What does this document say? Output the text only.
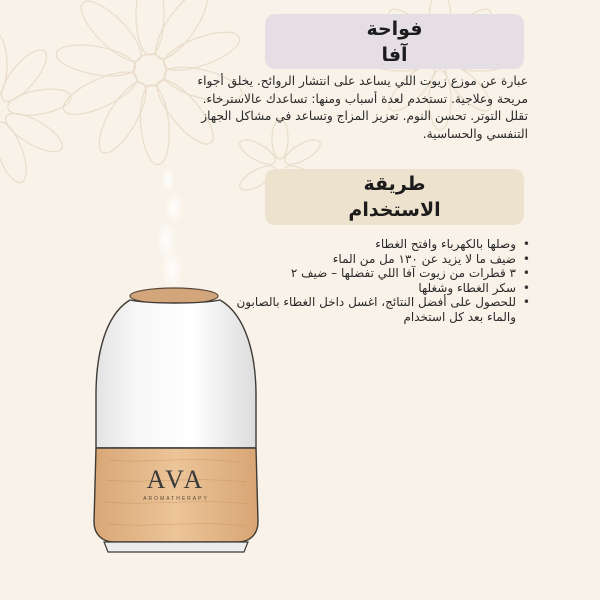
فواحة
آفا
عبارة عن موزع زيوت اللي يساعد على انتشار الروائح. يخلق أجواء مريحة وعلاجية. تستخدم لعدة أسباب ومنها: تساعدك عالاسترخاء. تقلل التوتر. تحسن النوم. تعزيز المزاج وتساعد في مشاكل الجهاز التنفسي والحساسية.
طريقة
الاستخدام
• وصلها بالكهرباء وافتح الغطاء
• ضيف ما لا يزيد عن ١٣٠ مل من الماء
• ٣ قطرات من زيوت آفا اللي تفضلها – ضيف ٢
• سكر الغطاء وشغلها
• للحصول على أفضل النتائج، اغسل داخل الغطاء بالصابون والماء بعد كل استخدام
AVA
AROMATHERAPY
